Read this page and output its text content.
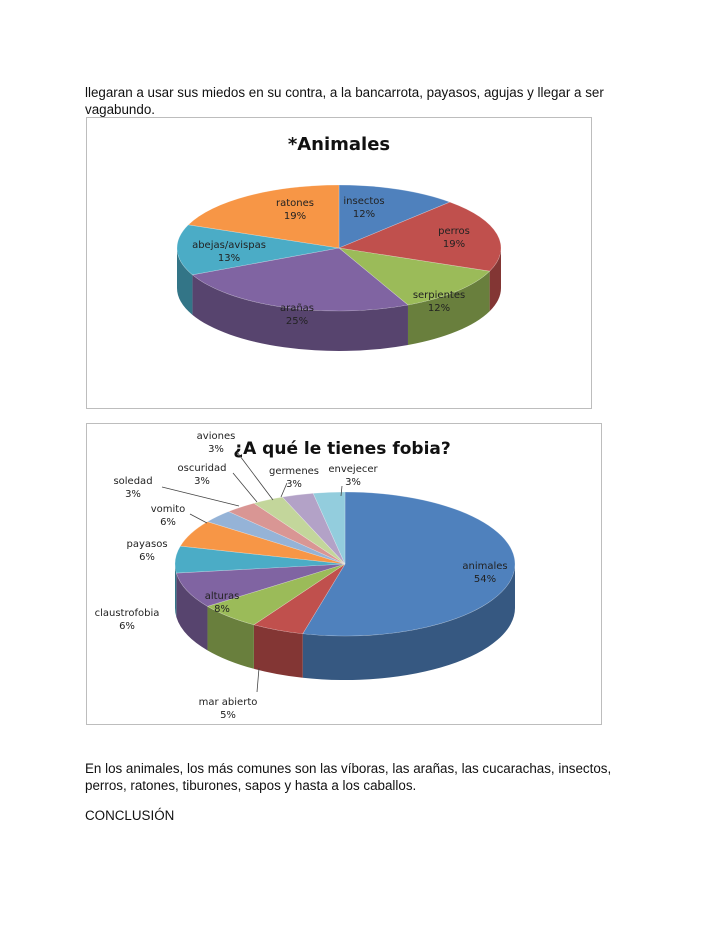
llegaran a usar sus miedos en su contra, a la bancarrota, payasos, agujas y llegar a ser vagabundo.

*Animales
insectos
12%
perros
19%
serpientes
12%
arañas
25%
abejas/avispas
13%
ratones
19%
¿A qué le tienes fobia?
animales
54%
mar abierto
5%
claustrofobia
6%
alturas
8%
payasos
6%
vomito
6%
soledad
3%
oscuridad
3%
aviones
3%
germenes
3%
envejecer
3%

En los animales, los más comunes son las víboras, las arañas, las cucarachas, insectos, perros, ratones, tiburones, sapos y hasta a los caballos.

CONCLUSIÓN
